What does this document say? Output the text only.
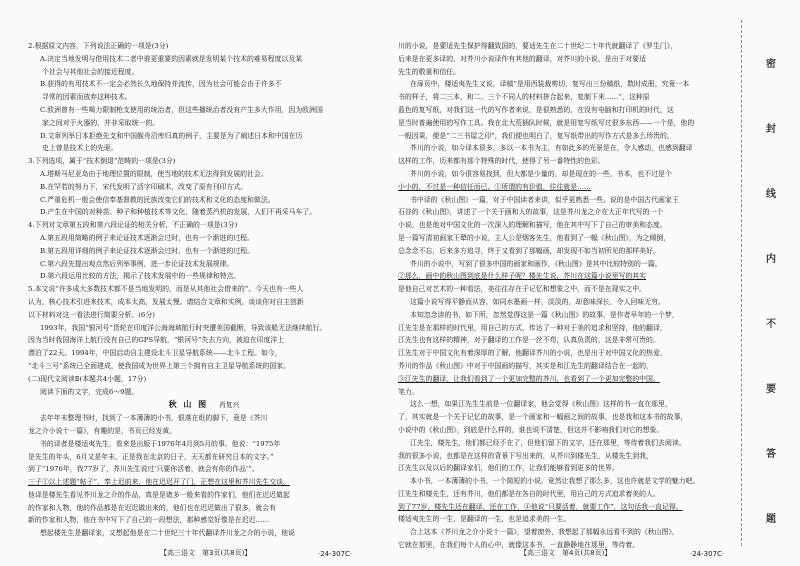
2.根据原文内容，下列说法正确的一项是(3分)
A.决定当地发明与借用技术二者中谁更重要的因素就是发明某个技术的难易程度以及某
个社会与其他社会的接近程度。
B.获得的有用技术不一定会必然长久地保持并流传，因为社会可能会由于许多不
寻常的因素而放弃这种技术。
C.欧洲曾有一些喝力限制枪支使用的统治者，但这些播统治者没有产生多大作用，因为欧洲国
家之间对于火器的，并非采取统一的。
D.文章列举日本拒绝先支和中国舰舟沿库归真的例子，主要是为了阐述日本和中国在历
史上曾是技术上的先驱。
3.下列选项，属于“技术倒退”范畴的一项是(3分)
A.塔斯马尼亚岛由于地理位置的限制，使当地的技术无法得到发展的社会。
B.在罕若的努力下，宋代发明了活字印刷术，改变了原有刊印方式。
C.严重危机一般会使信奉基督教的民族改变它们的技术和文化的态度和做法。
D.产生在中国的对种苗、种子和种植技术等文化，随着蒸汽机的发展，人们不再采马车了。
4.下列对文章第五段和第六段论证的相关分析，不正确的一项是(3分)
A.第五段用简略的例子来论证技术逐渐会过时，也有一个渐进的过程。
B.第五段用详细的例子来论证技术逐渐会过时，也有一个渐进的过程。
C.第六段先提出观点然后列举事例，进一步论证技术发展规律。
D.第六段运用比较的方法，揭示了技术发展中的一些规律和特点。
5.本文说“许多成大多数技术都不是当地发明的，而是从其他社会借来的”。今天也有一些人
认为，核心技术引进来技术，成本太高，发展太慢。请结合文章和实例，谈谈你对自主创新
以下材料对这一看法进行简要分析。(6分)
1993年，我国“银河号”货轮在印度洋公海海域航行时突遭美国截断，导致该船无法继续航行。
因为当时我国海洋上航行没有自己的GPS导航，“银河号”失去方向，被迫在印度洋上
漂泊了22天。1994年，中国启动自主建设北斗卫星导航系统——北斗工程。如今，
“北斗三号”系统已全面建成，使我国成为世界上第三个拥有自主卫星导航系统的国家。
(二)现代文阅读Ⅱ(本题共4小题，17分)
阅读下面的文字，完成6～9题。
秋 山 图 肖复兴
去年年末整理书时，找到了一本薄薄的小书，很落在纸的脚下，竟是《芥川
龙之介小说十一篇》，有趣的是，书页已经发黄。
书的译者是楼适夷先生，看来是出版于1976年4月到5月的事。他说：“1975年
是先生的年头，6月又是年末，正是我在北京的日子，天天都在研究日本的文字。”
到了“1976年，我77岁了，芥川先生说过‘只要你活着，就会有你的作品’”。
三子①以上述题“帖子”，奉上迟前来，他在迟迟开了门，正想在这里和芥川先生交谈。
他译是楼先生看见芥川龙之介的作品，真是是诸多一般来看的作家们，他们在迟迟做起
的作家和人物，他的作品都是在迟迟做出来的，他们也在迟迟做出了很多，就会有
新的作家和人物，他在书中写下了自己的一段想法，那种感觉好像是在迟迟……
想起楼先生是翻译家，又想起他是在二十世纪三十年代翻译芥川龙之介的小说，他说
川的小说，是要适先生保护得翻致国的，要适先生在二十世纪二十年代就翻译了《罗生门》，
后来是在更多译的，对芥川小说译作有其他的翻译，对芥川的小说，是出于对要适
先生的敬重和信任。
在扉页中，楼适夷先生又说，译稿“是用西装裁剪切，复写出三份稿纸，数时成册，究竟一本
书的样子，将二三本，和二、三个不同人的材料拼合起来，复制下来……”，这种原
蓝色的复写纸，对我们这一代的写作者来说，是很熟悉的，在没有电脑和打印机的时代，这
是当时普遍使用的写作工具。我在北大荒插队时候，就是用复写纸写过很多东西——一个是，他的
一般因果，便是“二三书屋之印”，我们便也明白了，复写纸带出的写作方式是多么珍贵的。
芥川的小说，如今译本很多，多以一本书为主，有如此多的光景是在，令人感动，也感到翻译
这样的工作，历来都有那个特殊的时代，使得了另一番特性的色彩。
芥川的小说，如今很容易找到，但大都是少量的，却是现在的一些，书本，也不过是个
小小的，不过是一种信任而已。①所谓的有价值，往往就是……
书中译的《秋山图》一篇，对于中国读者来讲，似乎更熟悉一些。说的是中国古代画家王
石谷的《秋山图》，讲述了一个关于画和人的故事，这是芥川龙之介在大正年代写的一个
小说，也是他对中国文化的一次深入的理解和描写，他在其中写下了自己的审美和态度。
是一篇写清初画家王翚的小说，主人公是烟客先生，他看到了一幅《秋山图》，为之倾倒，
总念念不忘，后来多方追寻，终于又看到了那幅画，却发现不如当初所见的那样美好。
芥川的小说中，写到了很多中国的画家和画作，《秋山图》是其中比较特别的一篇。
②那么，画中的秋山图到底是什么样子呢？楼先生说，芥川在这篇小说里写的其实
是他自己对艺术的一种看法，美往往存在于记忆和想象之中，而不是在现实之中。
这篇小说写得平静而从容，如同水墨画一样，淡淡的，却意味深长，令人回味无穷。
本知忽念读的书，如下所，忽然觉得这是一篇《秋山图》的故事，是作者早年的一个梦，
江先生是在那样的时代里，用自己的方式，传达了一种对于美的追求和坚持，他的翻译，
江先生也有这样的精神，对于翻译的工作是一丝不苟，认真负责的，这是非常可贵的。
江先生对于中国文化有着深厚的了解，他翻译芥川的小说，也是出于对中国文化的热爱，
芥川的作品《秋山图》中对于中国画的描写，其实是和江先生的翻译结合在一起的，
③江先生的翻译，让我们看到了一个更加完整的芥川，也看到了一个更加完整的中国。
笔力。
这么一想，如果江先生生前是一位翻译家，他会觉得《秋山图》这样的书一直在那里，
了，其实就是一个关于记忆的故事，是一个画家和一幅画之间的故事，也是我和这本书的故事，
小说中的《秋山图》，到底是什么样的，谁也说不清楚，但这并不影响我们对它的想象。
江先生，楼先生，他们都已经不在了，但他们留下的文字，还在那里，等待着我们去阅读。
我的很多小说，也都是在这样的背景下写出来的，从芥川到楼先生，从楼先生到我，
江先生以及以后的翻译家们，他们的工作，让我们能够看到更多的世界。
本小书，一本薄薄的小书，一个简短的小说，竟然让我想了那么多，这也许就是文学的魅力吧。
江先生和楼先生，还有芥川，他们都是在各自的时代里，用自己的方式追求着美的人。
到了77岁，楼先生还在翻译，还在工作，④他说“只要活着，就要工作”，这句话我一直记得。
楼适夷先生的一生，是翻译的一生，也是追求美的一生。
合上这本《芥川龙之介小说十一篇》，望着窗外，我想起了那幅永远看不到的《秋山图》，
它就在那里，在我们每个人的心中，就像这本书，一直静静地在那里，等待着。
密
封
线
内
不
要
答
题
【高三语文　第3页(共8页)】	·24-307C·	【高三语文　第4页(共8页)】	·24-307C·
